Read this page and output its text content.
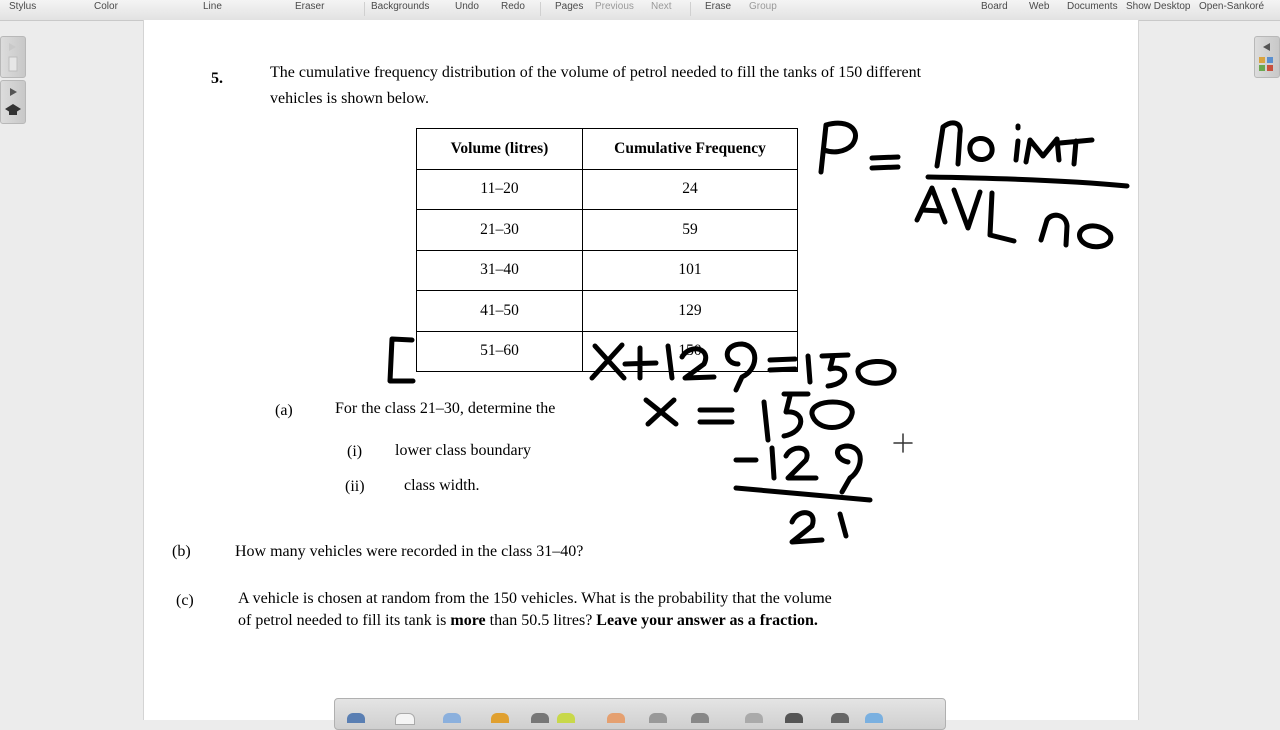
Stylus	Color	Line	Eraser	Backgrounds	Undo Redo	Pages Previous Next	Erase Group	Board Web Documents Show Desktop Open-Sankoré
5.	The cumulative frequency distribution of the volume of petrol needed to fill the tanks of 150 different
vehicles is shown below.
Volume (litres)	Cumulative Frequency
11–20	24
21–30	59
31–40	101
41–50	129
51–60	150
(a)	For the class 21–30, determine the
(i) lower class boundary
(ii) class width.
(b)	How many vehicles were recorded in the class 31–40?
(c)	A vehicle is chosen at random from the 150 vehicles. What is the probability that the volume
of petrol needed to fill its tank is more than 50.5 litres? Leave your answer as a fraction.
